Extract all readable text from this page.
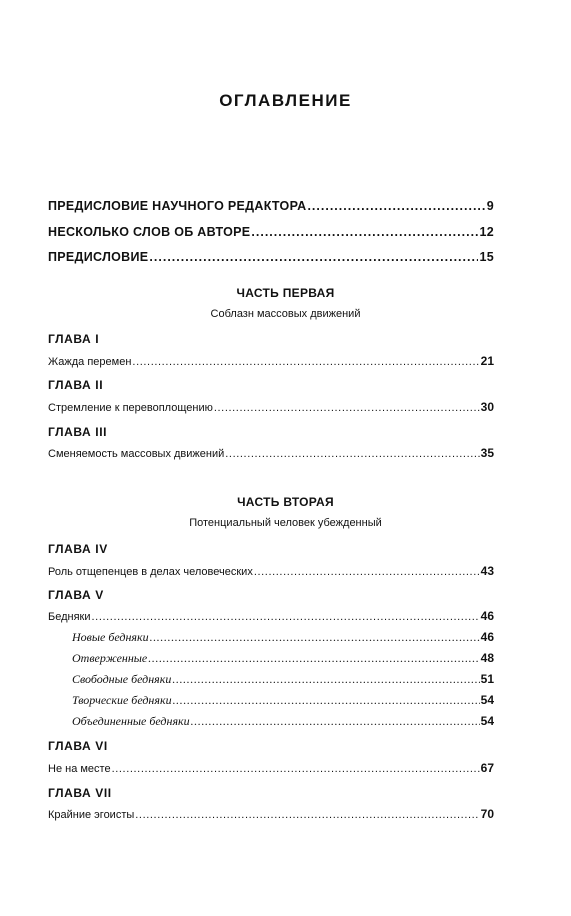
ОГЛАВЛЕНИЕ
ПРЕДИСЛОВИЕ НАУЧНОГО РЕДАКТОРА .....	9
НЕСКОЛЬКО СЛОВ ОБ АВТОРЕ .....	12
ПРЕДИСЛОВИЕ .....	15
ЧАСТЬ ПЕРВАЯ
Соблазн массовых движений
ГЛАВА I
Жажда перемен .....	21
ГЛАВА II
Стремление к перевоплощению .....	30
ГЛАВА III
Сменяемость массовых движений .....	35
ЧАСТЬ ВТОРАЯ
Потенциальный человек убежденный
ГЛАВА IV
Роль отщепенцев в делах человеческих .....	43
ГЛАВА V
Бедняки .....	46
Новые бедняки .....	46
Отверженные .....	48
Свободные бедняки .....	51
Творческие бедняки .....	54
Объединенные бедняки .....	54
ГЛАВА VI
Не на месте .....	67
ГЛАВА VII
Крайние эгоисты .....	70
